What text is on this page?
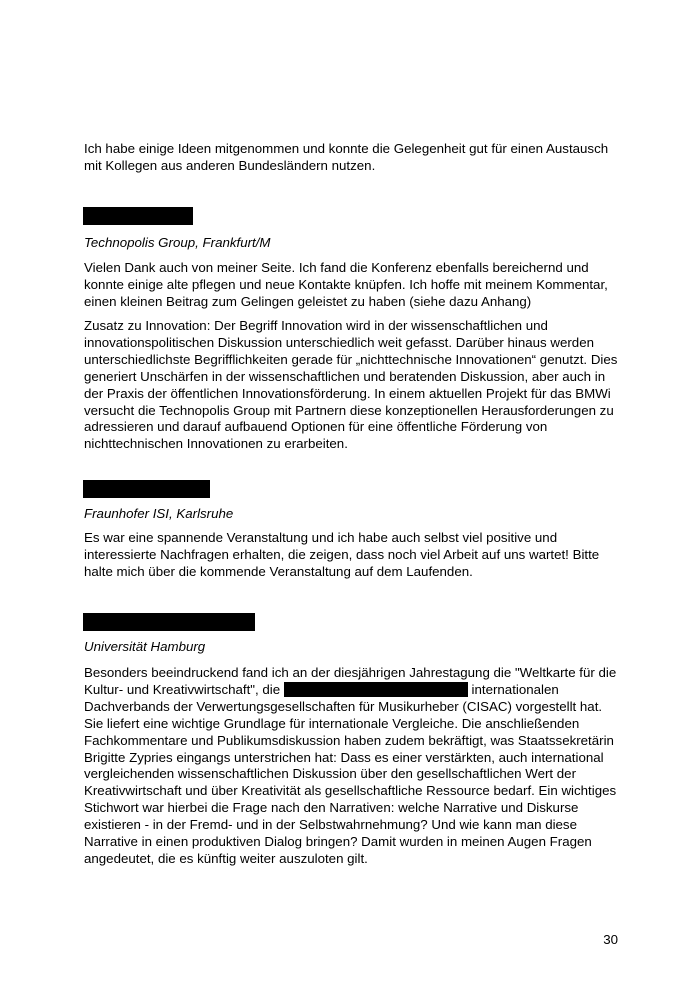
Ich habe einige Ideen mitgenommen und konnte die Gelegenheit gut für einen Austausch mit Kollegen aus anderen Bundesländern nutzen.

Technopolis Group, Frankfurt/M

Vielen Dank auch von meiner Seite. Ich fand die Konferenz ebenfalls bereichernd und konnte einige alte pflegen und neue Kontakte knüpfen. Ich hoffe mit meinem Kommentar, einen kleinen Beitrag zum Gelingen geleistet zu haben (siehe dazu Anhang)

Zusatz zu Innovation: Der Begriff Innovation wird in der wissenschaftlichen und innovationspolitischen Diskussion unterschiedlich weit gefasst. Darüber hinaus werden unterschiedlichste Begrifflichkeiten gerade für „nichttechnische Innovationen“ genutzt. Dies generiert Unschärfen in der wissenschaftlichen und beratenden Diskussion, aber auch in der Praxis der öffentlichen Innovationsförderung. In einem aktuellen Projekt für das BMWi versucht die Technopolis Group mit Partnern diese konzeptionellen Herausforderungen zu adressieren und darauf aufbauend Optionen für eine öffentliche Förderung von nichttechnischen Innovationen zu erarbeiten.

Fraunhofer ISI, Karlsruhe

Es war eine spannende Veranstaltung und ich habe auch selbst viel positive und interessierte Nachfragen erhalten, die zeigen, dass noch viel Arbeit auf uns wartet! Bitte halte mich über die kommende Veranstaltung auf dem Laufenden.

Universität Hamburg

Besonders beeindruckend fand ich an der diesjährigen Jahrestagung die "Weltkarte für die Kultur- und Kreativwirtschaft", die	internationalen Dachverbands der Verwertungsgesellschaften für Musikurheber (CISAC) vorgestellt hat. Sie liefert eine wichtige Grundlage für internationale Vergleiche. Die anschließenden Fachkommentare und Publikumsdiskussion haben zudem bekräftigt, was Staatssekretärin Brigitte Zypries eingangs unterstrichen hat: Dass es einer verstärkten, auch international vergleichenden wissenschaftlichen Diskussion über den gesellschaftlichen Wert der Kreativwirtschaft und über Kreativität als gesellschaftliche Ressource bedarf. Ein wichtiges Stichwort war hierbei die Frage nach den Narrativen: welche Narrative und Diskurse existieren - in der Fremd- und in der Selbstwahrnehmung? Und wie kann man diese Narrative in einen produktiven Dialog bringen? Damit wurden in meinen Augen Fragen angedeutet, die es künftig weiter auszuloten gilt.

30
